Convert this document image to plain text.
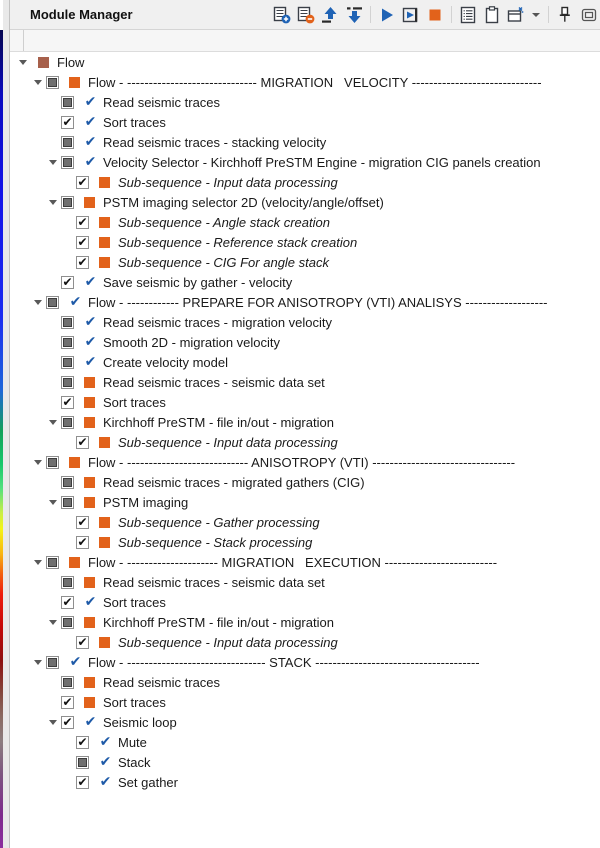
Module Manager
Flow
Flow - ------------------------------ MIGRATION   VELOCITY ------------------------------
✔ Read seismic traces
✔ ✔ Sort traces
✔ Read seismic traces - stacking velocity
✔ Velocity Selector - Kirchhoff PreSTM Engine - migration CIG panels creation
✔ Sub-sequence - Input data processing
PSTM imaging selector 2D (velocity/angle/offset)
✔ Sub-sequence - Angle stack creation
✔ Sub-sequence - Reference stack creation
✔ Sub-sequence - CIG For angle stack
✔ ✔ Save seismic by gather - velocity
✔ Flow - ------------ PREPARE FOR ANISOTROPY (VTI) ANALISYS -------------------
✔ Read seismic traces - migration velocity
✔ Smooth 2D - migration velocity
✔ Create velocity model
Read seismic traces - seismic data set
✔ Sort traces
Kirchhoff PreSTM - file in/out - migration
✔ Sub-sequence - Input data processing
Flow - ---------------------------- ANISOTROPY (VTI) ---------------------------------
Read seismic traces - migrated gathers (CIG)
PSTM imaging
✔ Sub-sequence - Gather processing
✔ Sub-sequence - Stack processing
Flow - --------------------- MIGRATION   EXECUTION --------------------------
Read seismic traces - seismic data set
✔ ✔ Sort traces
Kirchhoff PreSTM - file in/out - migration
✔ Sub-sequence - Input data processing
✔ Flow - -------------------------------- STACK --------------------------------------
Read seismic traces
✔ Sort traces
✔ ✔ Seismic loop
✔ ✔ Mute
✔ Stack
✔ ✔ Set gather
